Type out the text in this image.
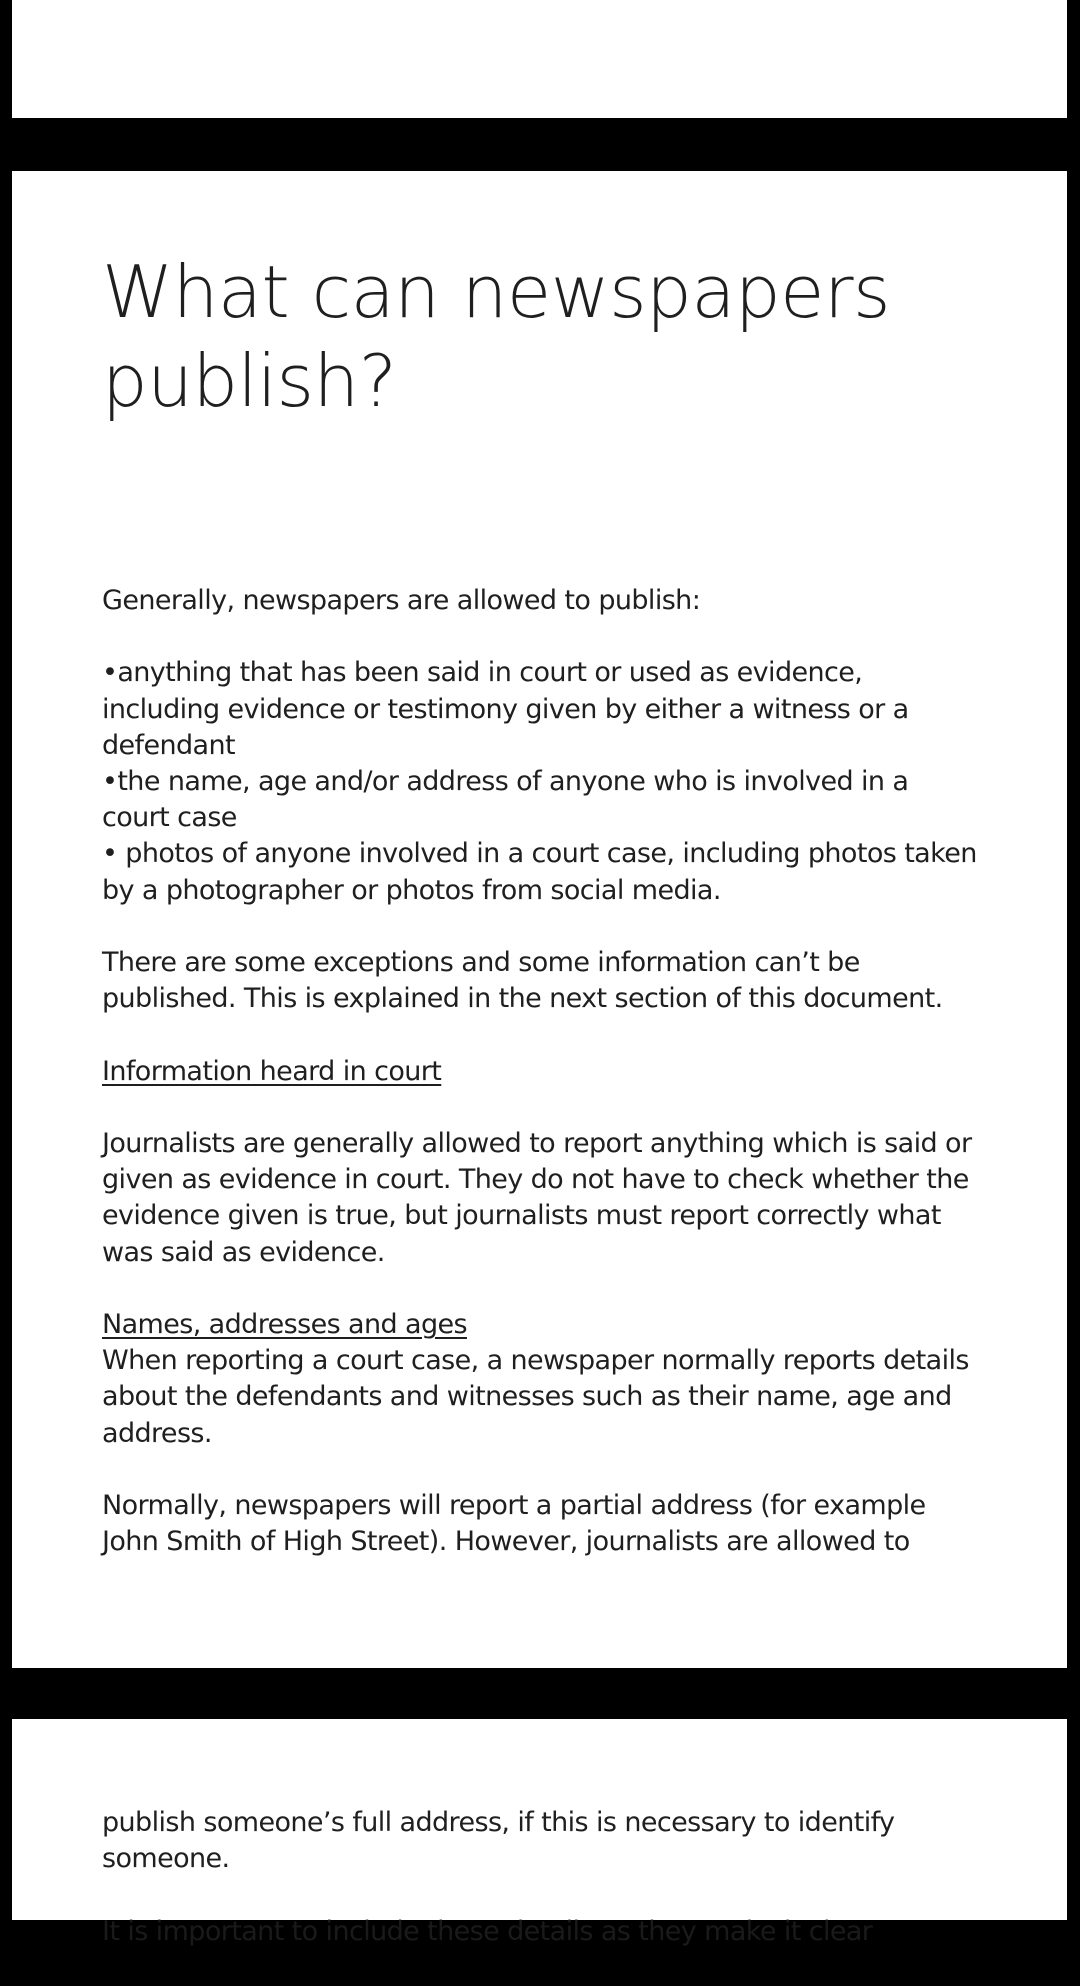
What can newspapers publish?

Generally, newspapers are allowed to publish:

•anything that has been said in court or used as evidence, including evidence or testimony given by either a witness or a defendant
•the name, age and/or address of anyone who is involved in a court case
• photos of anyone involved in a court case, including photos taken by a photographer or photos from social media.

There are some exceptions and some information can’t be published. This is explained in the next section of this document.

Information heard in court

Journalists are generally allowed to report anything which is said or given as evidence in court. They do not have to check whether the evidence given is true, but journalists must report correctly what was said as evidence.

Names, addresses and ages

When reporting a court case, a newspaper normally reports details about the defendants and witnesses such as their name, age and address.

Normally, newspapers will report a partial address (for example John Smith of High Street). However, journalists are allowed to

publish someone’s full address, if this is necessary to identify someone.

It is important to include these details as they make it clear
